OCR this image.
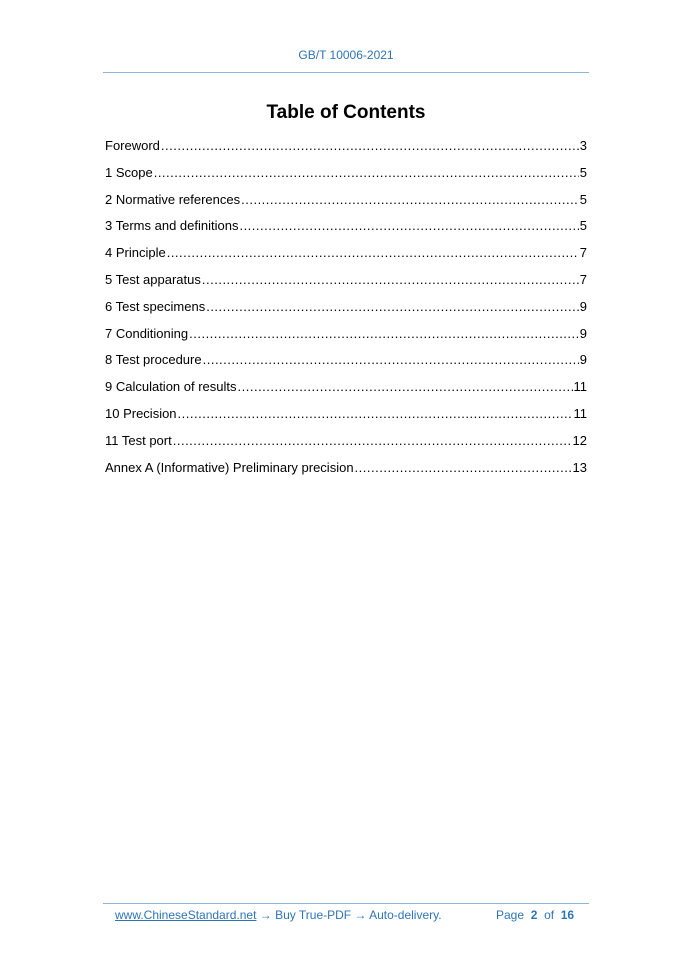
GB/T 10006-2021
Table of Contents
Foreword .....	3
1 Scope .....	5
2 Normative references .....	5
3 Terms and definitions .....	5
4 Principle .....	7
5 Test apparatus .....	7
6 Test specimens .....	9
7 Conditioning .....	9
8 Test procedure .....	9
9 Calculation of results .....	11
10 Precision .....	11
11 Test port .....	12
Annex A (Informative) Preliminary precision .....	13
www.ChineseStandard.net → Buy True-PDF → Auto-delivery.	Page 2 of 16
